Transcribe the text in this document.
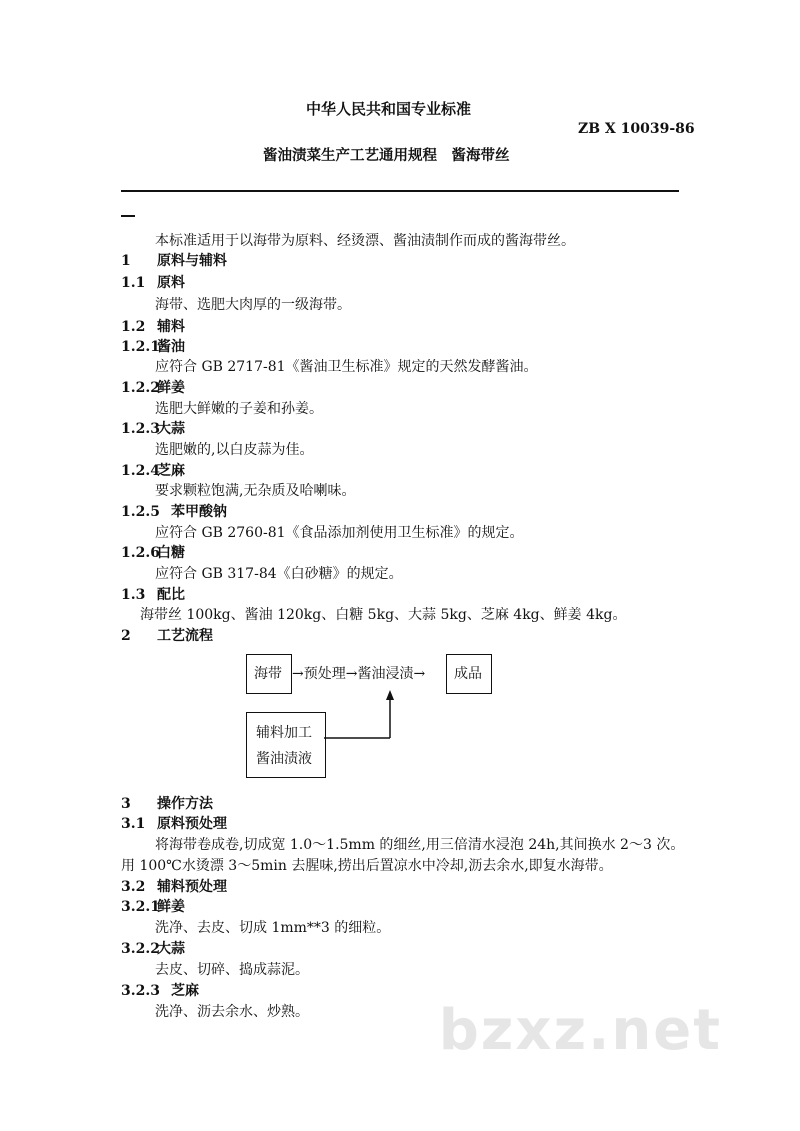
中华人民共和国专业标准
ZB X 10039-86
酱油渍菜生产工艺通用规程　酱海带丝
本标准适用于以海带为原料、经烫漂、酱油渍制作而成的酱海带丝。
1 原料与辅料
1.1 原料
海带、选肥大肉厚的一级海带。
1.2 辅料
1.2.1酱油
应符合 GB 2717-81《酱油卫生标准》规定的天然发酵酱油。
1.2.2鲜姜
选肥大鲜嫩的子姜和孙姜。
1.2.3大蒜
选肥嫩的,以白皮蒜为佳。
1.2.4芝麻
要求颗粒饱满,无杂质及哈喇味。
1.2.5 苯甲酸钠
应符合 GB 2760-81《食品添加剂使用卫生标准》的规定。
1.2.6白糖
应符合 GB 317-84《白砂糖》的规定。
1.3 配比
海带丝 100kg、酱油 120kg、白糖 5kg、大蒜 5kg、芝麻 4kg、鲜姜 4kg。
2 工艺流程
海带 →预处理→酱油浸渍→ 成品
辅料加工
酱油渍液
3 操作方法
3.1 原料预处理
将海带卷成卷,切成宽 1.0～1.5mm 的细丝,用三倍清水浸泡 24h,其间换水 2～3 次。
用 100℃水烫漂 3～5min 去腥味,捞出后置凉水中冷却,沥去余水,即复水海带。
3.2 辅料预处理
3.2.1鲜姜
洗净、去皮、切成 1mm**3 的细粒。
3.2.2大蒜
去皮、切碎、捣成蒜泥。
3.2.3 芝麻
洗净、沥去余水、炒熟。 bzxz.net
